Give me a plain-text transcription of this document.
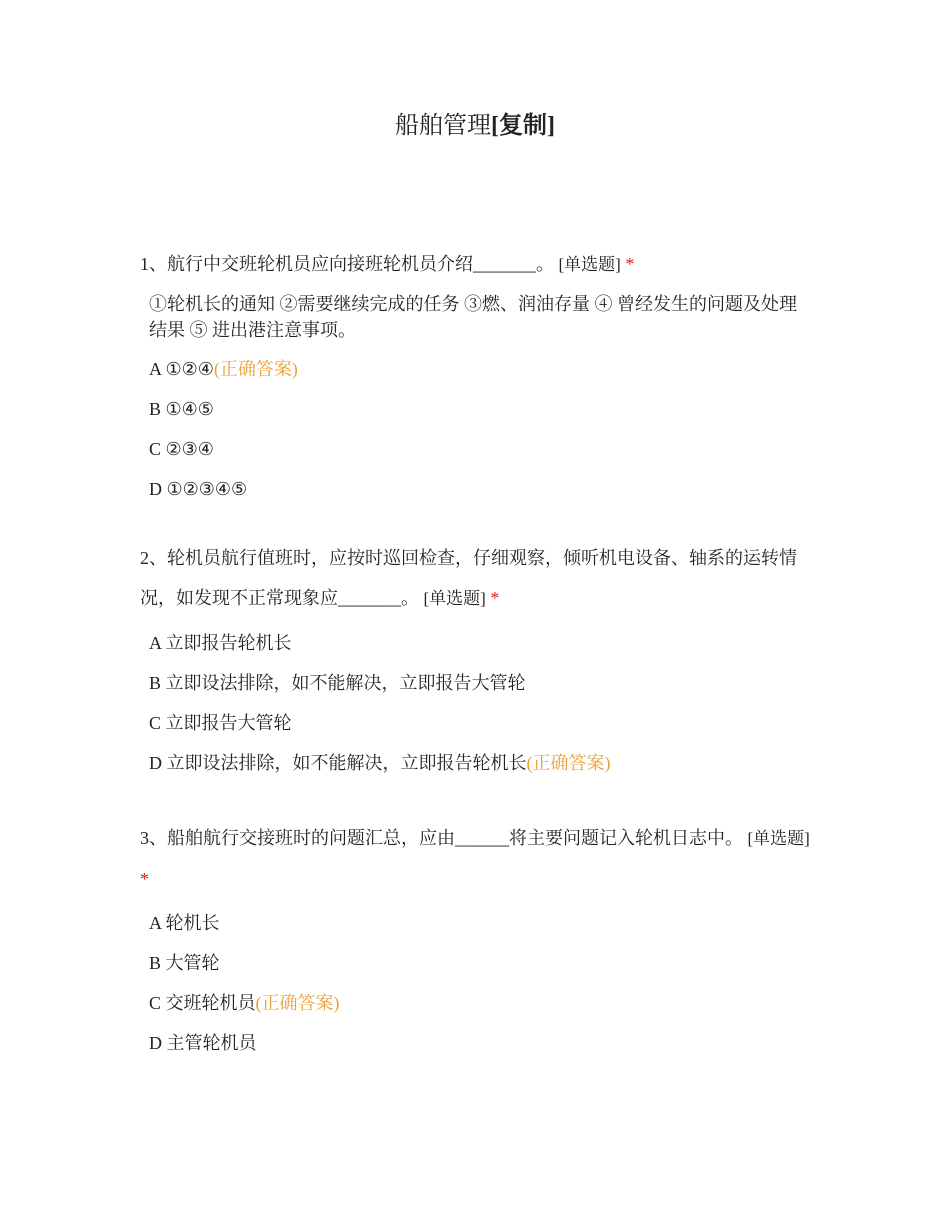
船舶管理[复制]

1、航行中交班轮机员应向接班轮机员介绍_______。 [单选题] *

①轮机长的通知 ②需要继续完成的任务 ③燃、润油存量 ④ 曾经发生的问题及处理结果 ⑤ 进出港注意事项。
A ①②④(正确答案)
B ①④⑤
C ②③④
D ①②③④⑤

2、轮机员航行值班时，应按时巡回检查，仔细观察，倾听机电设备、轴系的运转情况，如发现不正常现象应_______。 [单选题] *

A 立即报告轮机长
B 立即设法排除，如不能解决，立即报告大管轮
C 立即报告大管轮
D 立即设法排除，如不能解决，立即报告轮机长(正确答案)

3、船舶航行交接班时的问题汇总，应由______将主要问题记入轮机日志中。 [单选题] *

A 轮机长
B 大管轮
C 交班轮机员(正确答案)
D 主管轮机员
